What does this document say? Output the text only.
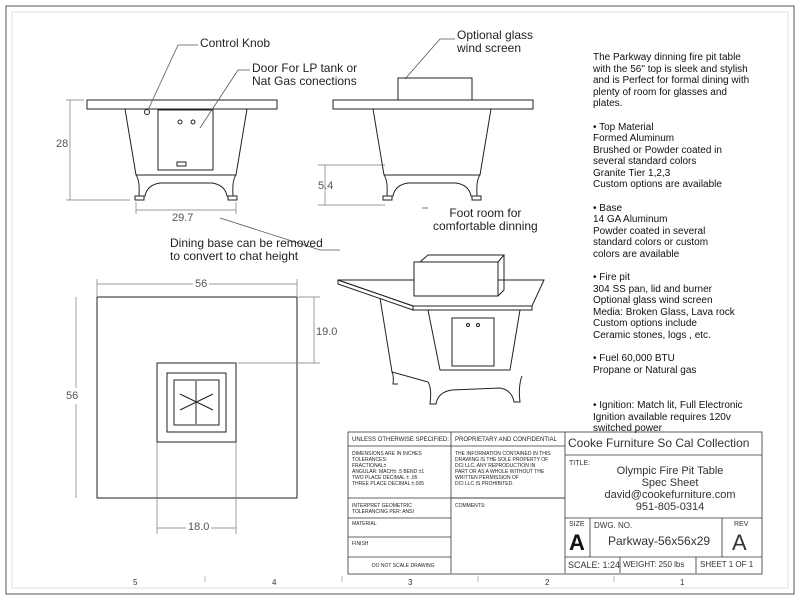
Control Knob
Door For LP tank or
Nat Gas conections
Optional glass
wind screen
Foot room for
comfortable dinning
Dining base can be removed
to convert to chat height
28
29.7
5.4
56
56
19.0
18.0

The Parkway dinning fire pit table

with the 56" top is sleek and stylish

and is Perfect for formal dining with

plenty of room for glasses and

plates.

• Top Material

Formed Aluminum

Brushed or Powder coated in

several standard colors

Granite Tier 1,2,3

Custom options are available

• Base

14 GA Aluminum

Powder coated in several

standard colors or custom

colors are available

• Fire pit

304 SS pan, lid and burner

Optional glass wind screen

Media: Broken Glass, Lava rock

Custom options include

Ceramic stones, logs , etc.

• Fuel 60,000 BTU

Propane or Natural gas

• Ignition: Match lit, Full Electronic

Ignition available requires 120v

switched power

UNLESS OTHERWISE SPECIFIED:
DIMENSIONS ARE IN INCHES
TOLERANCES:
FRACTIONAL±
ANGULAR: MACH± .5 BEND ±1
TWO PLACE DECIMAL ± .05
THREE PLACE DECIMAL ±.005
INTERPRET GEOMETRIC
TOLERANCING PER: ANSI
MATERIAL
FINISH
DO NOT SCALE DRAWING
PROPRIETARY AND CONFIDENTIAL
THE INFORMATION CONTAINED IN THIS
DRAWING IS THE SOLE PROPERTY OF
DCI LLC. ANY REPRODUCTION IN
PART OR AS A WHOLE WITHOUT THE
WRITTEN PERMISSION OF
DCI LLC IS PROHIBITED.
COMMENTS:
Cooke Furniture So Cal Collection
TITLE:
Olympic Fire Pit Table
Spec Sheet
david@cookefurniture.com
951-805-0314
SIZE
A
DWG. NO.
Parkway-56x56x29
REV
A
SCALE: 1:24 WEIGHT: 250 lbs SHEET 1 OF 1
5	4	3	2	1
